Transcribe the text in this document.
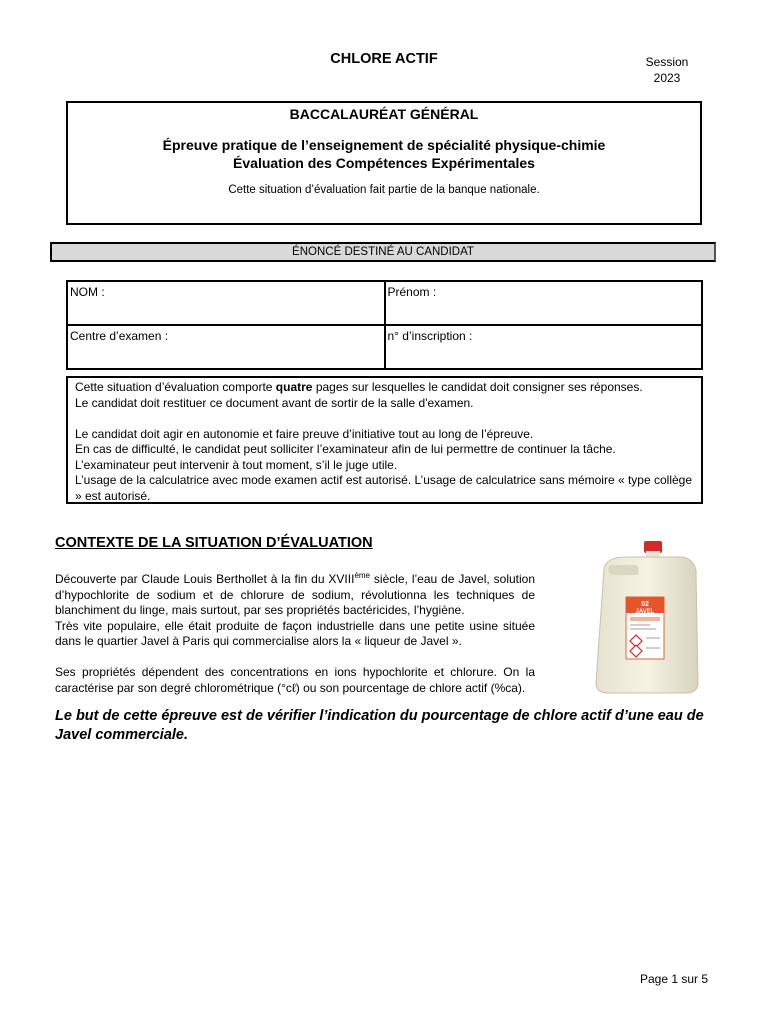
CHLORE ACTIF	Session
2023
BACCALAURÉAT GÉNÉRAL
Épreuve pratique de l’enseignement de spécialité physique-chimie
Évaluation des Compétences Expérimentales
Cette situation d’évaluation fait partie de la banque nationale.
ÉNONCÉ DESTINÉ AU CANDIDAT
NOM :	Prénom :
Centre d’examen :	n° d’inscription :

Cette situation d’évaluation comporte quatre pages sur lesquelles le candidat doit consigner ses réponses.

Le candidat doit restituer ce document avant de sortir de la salle d'examen.

Le candidat doit agir en autonomie et faire preuve d’initiative tout au long de l’épreuve.

En cas de difficulté, le candidat peut solliciter l’examinateur afin de lui permettre de continuer la tâche.

L’examinateur peut intervenir à tout moment, s’il le juge utile.

L’usage de la calculatrice avec mode examen actif est autorisé. L’usage de calculatrice sans mémoire « type collège » est autorisé.

CONTEXTE DE LA SITUATION D’ÉVALUATION

Découverte par Claude Louis Berthollet à la fin du XVIIIème siècle, l’eau de Javel, solution d’hypochlorite de sodium et de chlorure de sodium, révolutionna les techniques de blanchiment du linge, mais surtout, par ses propriétés bactéricides, l’hygiène.

Très vite populaire, elle était produite de façon industrielle dans une petite usine située dans le quartier Javel à Paris qui commercialise alors la « liqueur de Javel ».

Ses propriétés dépendent des concentrations en ions hypochlorite et chlorure. On la caractérise par son degré chlorométrique (°cℓ) ou son pourcentage de chlore actif (%ca).

02
JAVEL
Le but de cette épreuve est de vérifier l’indication du pourcentage de chlore actif d’une eau de Javel commerciale.
Page 1 sur 5
